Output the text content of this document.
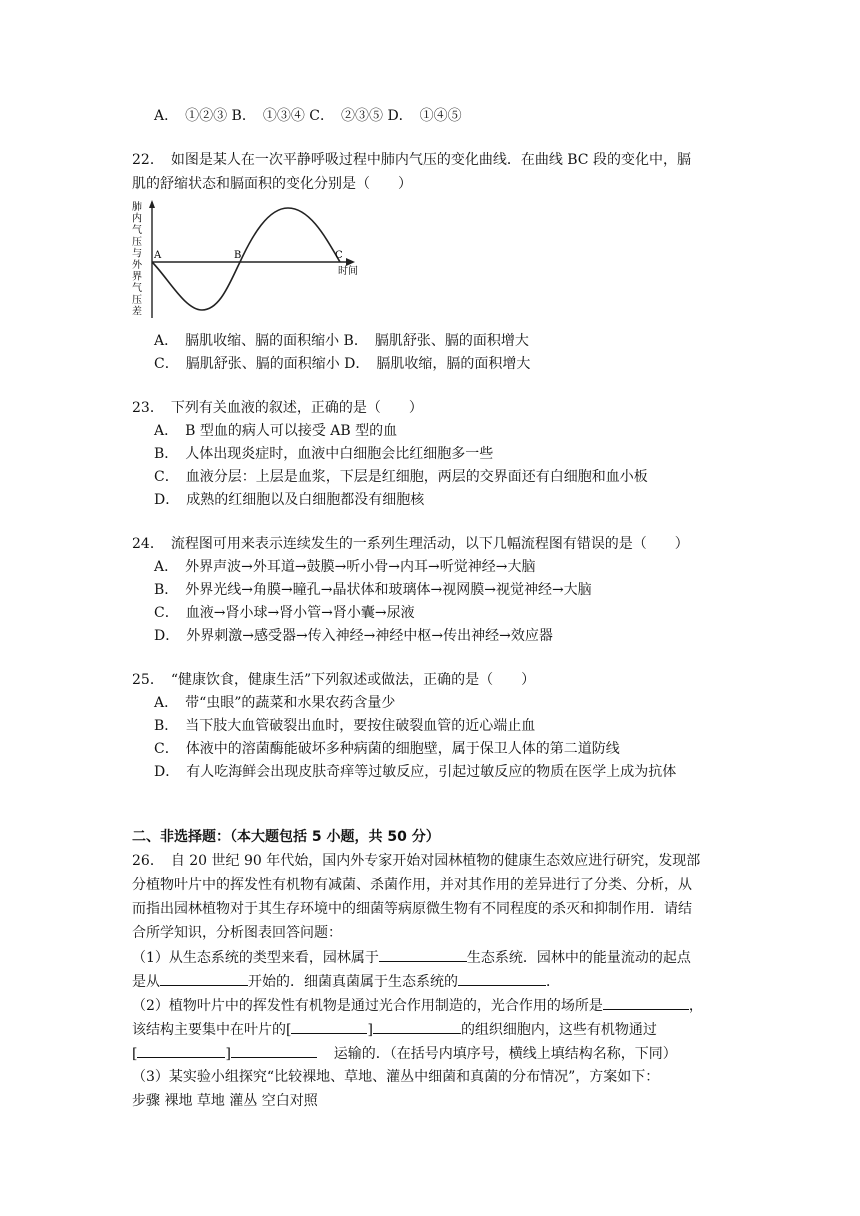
A．　①②③ B．　①③④ C．　②③⑤ D．　①④⑤
22．　如图是某人在一次平静呼吸过程中肺内气压的变化曲线．在曲线 BC 段的变化中，膈
肌的舒缩状态和膈面积的变化分别是（　　）
肺
内
气
压
与
外
界
气
压
差
A	B	C
时间
A．　膈肌收缩、膈的面积缩小 B．　膈肌舒张、膈的面积增大
C．　膈肌舒张、膈的面积缩小 D．　膈肌收缩，膈的面积增大
23．　下列有关血液的叙述，正确的是（　　）
A．　B 型血的病人可以接受 AB 型的血
B．　人体出现炎症时，血液中白细胞会比红细胞多一些
C．　血液分层：上层是血浆，下层是红细胞，两层的交界面还有白细胞和血小板
D．　成熟的红细胞以及白细胞都没有细胞核
24．　流程图可用来表示连续发生的一系列生理活动，以下几幅流程图有错误的是（　　）
A．　外界声波→外耳道→鼓膜→听小骨→内耳→听觉神经→大脑
B．　外界光线→角膜→瞳孔→晶状体和玻璃体→视网膜→视觉神经→大脑
C．　血液→肾小球→肾小管→肾小囊→尿液
D．　外界刺激→感受器→传入神经→神经中枢→传出神经→效应器
25．　“健康饮食，健康生活”下列叙述或做法，正确的是（　　）
A．　带“虫眼”的蔬菜和水果农药含量少
B．　当下肢大血管破裂出血时，要按住破裂血管的近心端止血
C．　体液中的溶菌酶能破坏多种病菌的细胞壁，属于保卫人体的第二道防线
D．　有人吃海鲜会出现皮肤奇痒等过敏反应，引起过敏反应的物质在医学上成为抗体
二、非选择题：（本大题包括 5 小题，共 50 分）
26．　自 20 世纪 90 年代始，国内外专家开始对园林植物的健康生态效应进行研究，发现部
分植物叶片中的挥发性有机物有减菌、杀菌作用，并对其作用的差异进行了分类、分析，从
而指出园林植物对于其生存环境中的细菌等病原微生物有不同程度的杀灭和抑制作用．请结
合所学知识，分析图表回答问题：
（1）从生态系统的类型来看，园林属于	生态系统．园林中的能量流动的起点
是从	开始的．细菌真菌属于生态系统的	．
（2）植物叶片中的挥发性有机物是通过光合作用制造的，光合作用的场所是	，
该结构主要集中在叶片的[	]	的组织细胞内，这些有机物通过
[	]　 	运输的．（在括号内填序号，横线上填结构名称，下同）
（3）某实验小组探究“比较裸地、草地、灌丛中细菌和真菌的分布情况”，方案如下：
步骤 裸地 草地 灌丛 空白对照
